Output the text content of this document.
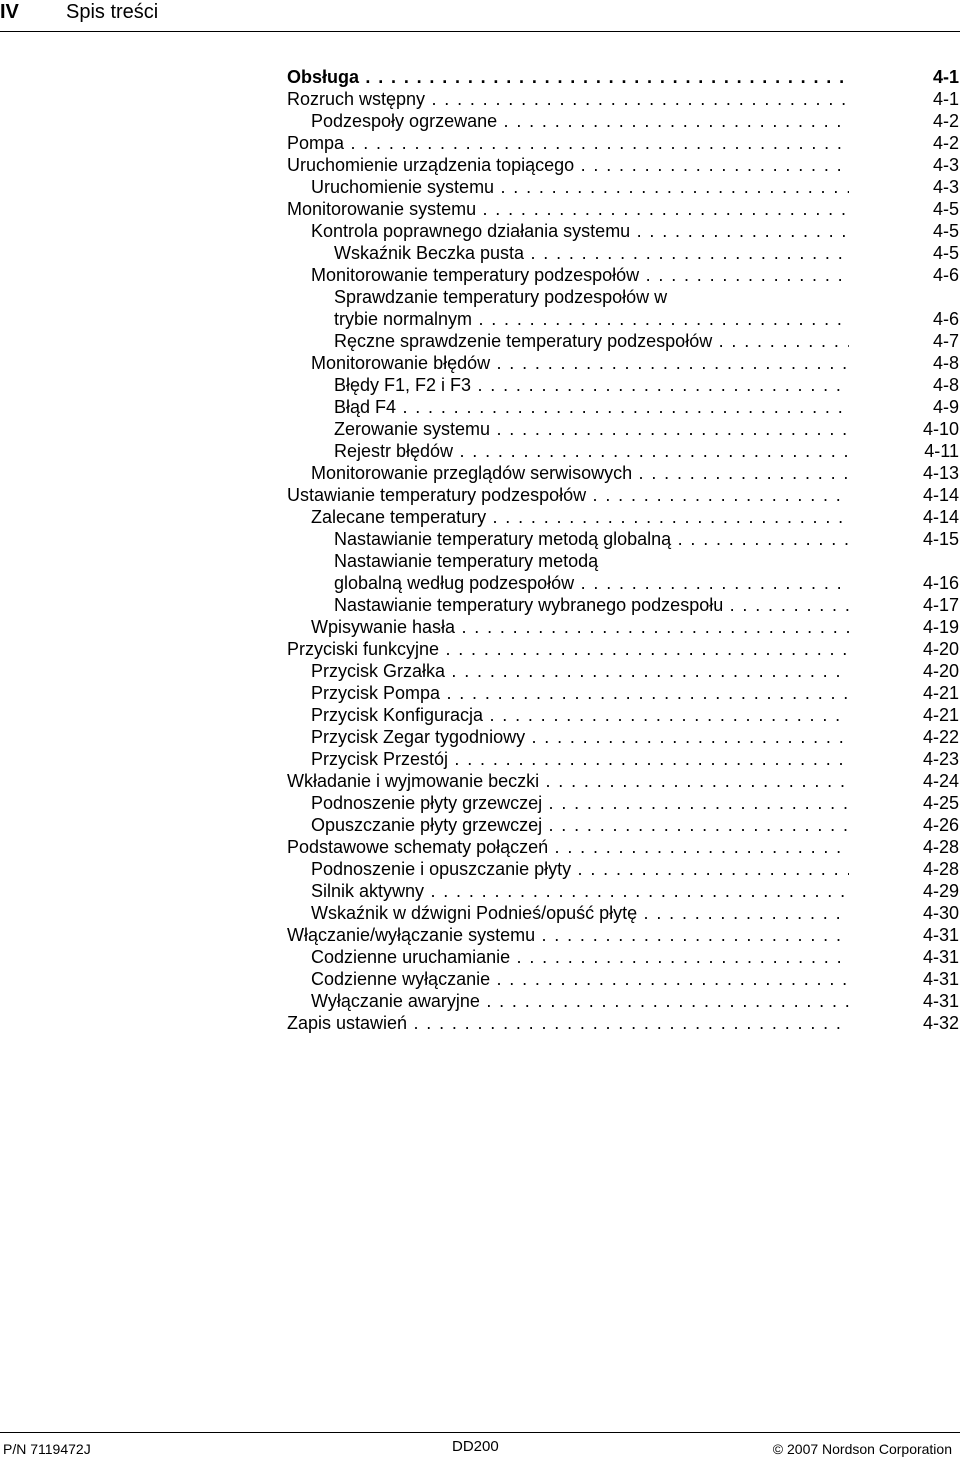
IV	Spis treści
Obsługa . . .	4-1
Rozruch wstępny . . .	4-1
Podzespoły ogrzewane . . .	4-2
Pompa . . .	4-2
Uruchomienie urządzenia topiącego . . .	4-3
Uruchomienie systemu . . .	4-3
Monitorowanie systemu . . .	4-5
Kontrola poprawnego działania systemu . . .	4-5
Wskaźnik Beczka pusta . . .	4-5
Monitorowanie temperatury podzespołów . . .	4-6
Sprawdzanie temperatury podzespołów w
trybie normalnym . . .	4-6
Ręczne sprawdzenie temperatury podzespołów . . .	4-7
Monitorowanie błędów . . .	4-8
Błędy F1, F2 i F3 . . .	4-8
Błąd F4 . . .	4-9
Zerowanie systemu . . .	4-10
Rejestr błędów . . .	4-11
Monitorowanie przeglądów serwisowych . . .	4-13
Ustawianie temperatury podzespołów . . .	4-14
Zalecane temperatury . . .	4-14
Nastawianie temperatury metodą globalną . . .	4-15
Nastawianie temperatury metodą
globalną według podzespołów . . .	4-16
Nastawianie temperatury wybranego podzespołu . . .	4-17
Wpisywanie hasła . . .	4-19
Przyciski funkcyjne . . .	4-20
Przycisk Grzałka . . .	4-20
Przycisk Pompa . . .	4-21
Przycisk Konfiguracja . . .	4-21
Przycisk Zegar tygodniowy . . .	4-22
Przycisk Przestój . . .	4-23
Wkładanie i wyjmowanie beczki . . .	4-24
Podnoszenie płyty grzewczej . . .	4-25
Opuszczanie płyty grzewczej . . .	4-26
Podstawowe schematy połączeń . . .	4-28
Podnoszenie i opuszczanie płyty . . .	4-28
Silnik aktywny . . .	4-29
Wskaźnik w dźwigni Podnieś/opuść płytę . . .	4-30
Włączanie/wyłączanie systemu . . .	4-31
Codzienne uruchamianie . . .	4-31
Codzienne wyłączanie . . .	4-31
Wyłączanie awaryjne . . .	4-31
Zapis ustawień . . .	4-32
P/N 7119472J	DD200	© 2007 Nordson Corporation
